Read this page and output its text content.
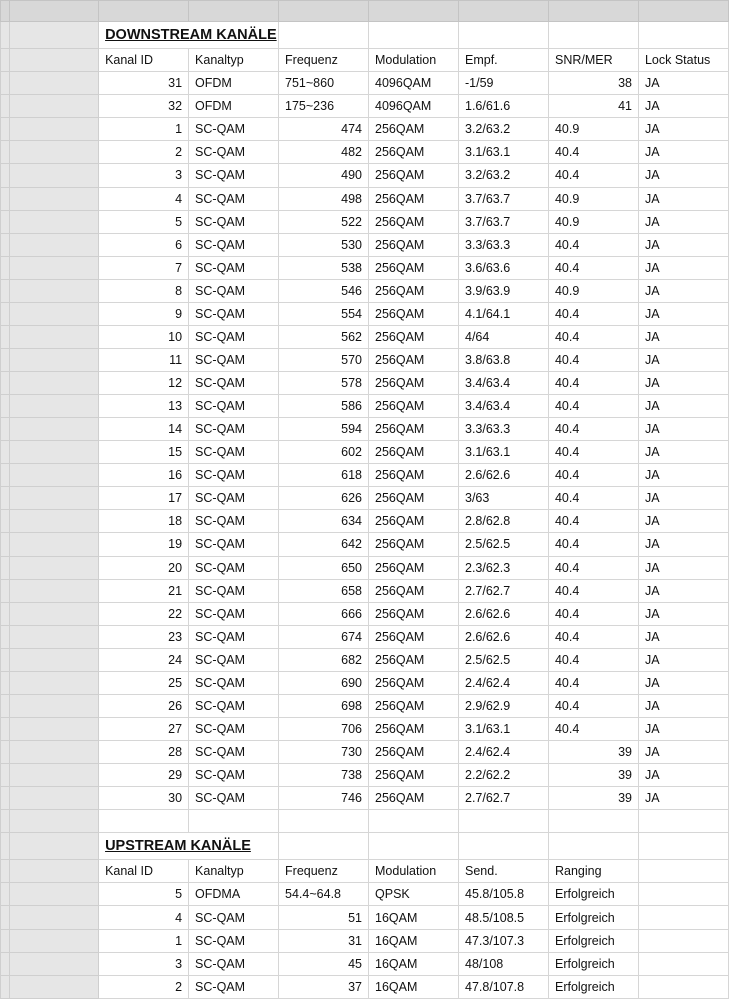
		DOWNSTREAM KANÄLE						
		Kanal ID	Kanaltyp	Frequenz	Modulation	Empf.	SNR/MER	Lock Status
		31	OFDM	751~860	4096QAM	-1/59	38	JA
		32	OFDM	175~236	4096QAM	1.6/61.6	41	JA
		1	SC-QAM	474	256QAM	3.2/63.2	40.9	JA
		2	SC-QAM	482	256QAM	3.1/63.1	40.4	JA
		3	SC-QAM	490	256QAM	3.2/63.2	40.4	JA
		4	SC-QAM	498	256QAM	3.7/63.7	40.9	JA
		5	SC-QAM	522	256QAM	3.7/63.7	40.9	JA
		6	SC-QAM	530	256QAM	3.3/63.3	40.4	JA
		7	SC-QAM	538	256QAM	3.6/63.6	40.4	JA
		8	SC-QAM	546	256QAM	3.9/63.9	40.9	JA
		9	SC-QAM	554	256QAM	4.1/64.1	40.4	JA
		10	SC-QAM	562	256QAM	4/64	40.4	JA
		11	SC-QAM	570	256QAM	3.8/63.8	40.4	JA
		12	SC-QAM	578	256QAM	3.4/63.4	40.4	JA
		13	SC-QAM	586	256QAM	3.4/63.4	40.4	JA
		14	SC-QAM	594	256QAM	3.3/63.3	40.4	JA
		15	SC-QAM	602	256QAM	3.1/63.1	40.4	JA
		16	SC-QAM	618	256QAM	2.6/62.6	40.4	JA
		17	SC-QAM	626	256QAM	3/63	40.4	JA
		18	SC-QAM	634	256QAM	2.8/62.8	40.4	JA
		19	SC-QAM	642	256QAM	2.5/62.5	40.4	JA
		20	SC-QAM	650	256QAM	2.3/62.3	40.4	JA
		21	SC-QAM	658	256QAM	2.7/62.7	40.4	JA
		22	SC-QAM	666	256QAM	2.6/62.6	40.4	JA
		23	SC-QAM	674	256QAM	2.6/62.6	40.4	JA
		24	SC-QAM	682	256QAM	2.5/62.5	40.4	JA
		25	SC-QAM	690	256QAM	2.4/62.4	40.4	JA
		26	SC-QAM	698	256QAM	2.9/62.9	40.4	JA
		27	SC-QAM	706	256QAM	3.1/63.1	40.4	JA
		28	SC-QAM	730	256QAM	2.4/62.4	39	JA
		29	SC-QAM	738	256QAM	2.2/62.2	39	JA
		30	SC-QAM	746	256QAM	2.7/62.7	39	JA

		UPSTREAM KANÄLE						
		Kanal ID	Kanaltyp	Frequenz	Modulation	Send.	Ranging	
		5	OFDMA	54.4~64.8	QPSK	45.8/105.8	Erfolgreich	
		4	SC-QAM	51	16QAM	48.5/108.5	Erfolgreich	
		1	SC-QAM	31	16QAM	47.3/107.3	Erfolgreich	
		3	SC-QAM	45	16QAM	48/108	Erfolgreich	
		2	SC-QAM	37	16QAM	47.8/107.8	Erfolgreich	
